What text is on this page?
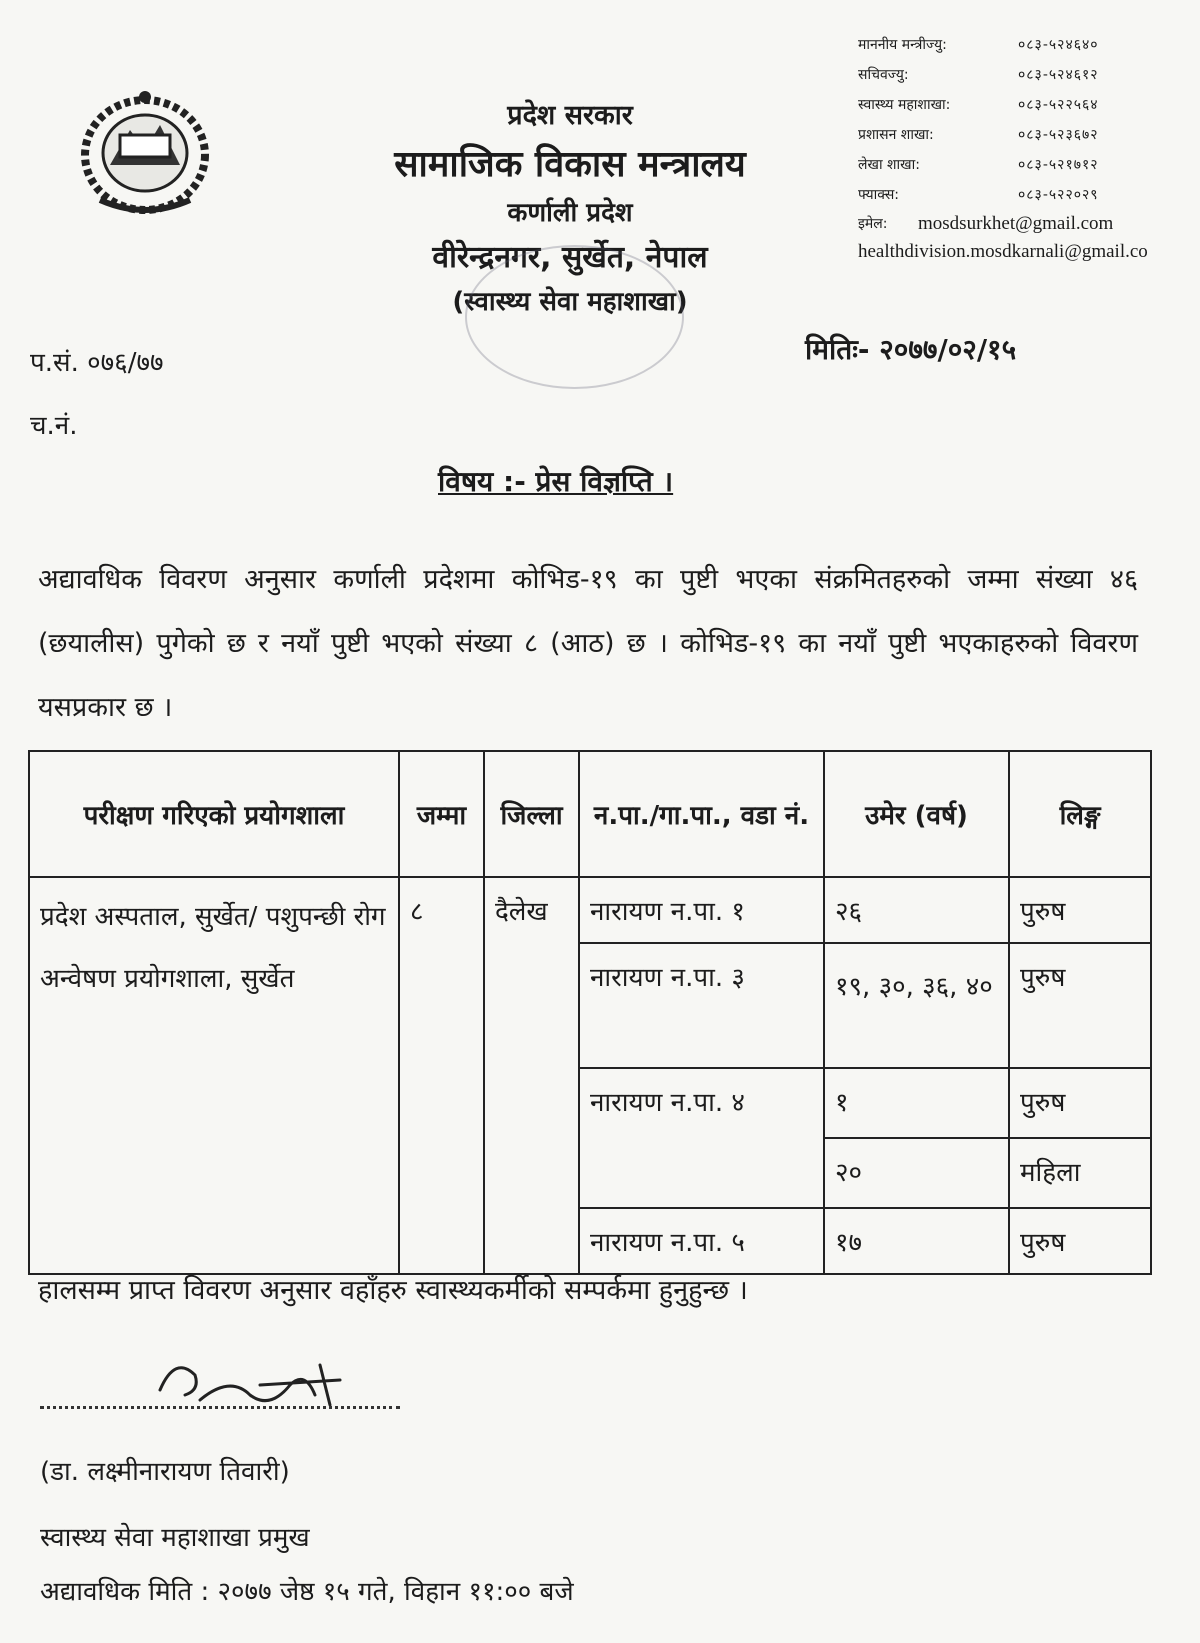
प्रदेश सरकार
सामाजिक विकास मन्त्रालय
कर्णाली प्रदेश
वीरेन्द्रनगर, सुर्खेत, नेपाल
(स्वास्थ्य सेवा महाशाखा)
माननीय मन्त्रीज्यु:	०८३-५२४६४०
सचिवज्यु:	०८३-५२४६१२
स्वास्थ्य महाशाखा:	०८३-५२२५६४
प्रशासन शाखा:	०८३-५२३६७२
लेखा शाखा:	०८३-५२१७१२
फ्याक्स:	०८३-५२२०२९
इमेल:	mosdsurkhet@gmail.com
healthdivision.mosdkarnali@gmail.co
प.सं. ०७६/७७	मितिः- २०७७/०२/१५
च.नं.
विषय :- प्रेस विज्ञप्ति ।
अद्यावधिक विवरण अनुसार कर्णाली प्रदेशमा कोभिड-१९ का पुष्टी भएका संक्रमितहरुको जम्मा संख्या ४६ (छयालीस) पुगेको छ र नयाँ पुष्टी भएको संख्या ८ (आठ) छ । कोभिड-१९ का नयाँ पुष्टी भएकाहरुको विवरण यसप्रकार छ ।
परीक्षण गरिएको प्रयोगशाला	जम्मा	जिल्ला	न.पा./गा.पा., वडा नं.	उमेर (वर्ष)	लिङ्ग
प्रदेश अस्पताल, सुर्खेत/ पशुपन्छी रोग अन्वेषण प्रयोगशाला, सुर्खेत	८	दैलेख	नारायण न.पा. १	२६	पुरुष
			नारायण न.पा. ३	१९, ३०, ३६, ४०	पुरुष
			नारायण न.पा. ४	१	पुरुष
				२०	महिला
			नारायण न.पा. ५	१७	पुरुष
हालसम्म प्राप्त विवरण अनुसार वहाँहरु स्वास्थ्यकर्मीको सम्पर्कमा हुनुहुन्छ ।
(डा. लक्ष्मीनारायण तिवारी)
स्वास्थ्य सेवा महाशाखा प्रमुख
अद्यावधिक मिति : २०७७ जेष्ठ १५ गते, विहान ११:०० बजे
